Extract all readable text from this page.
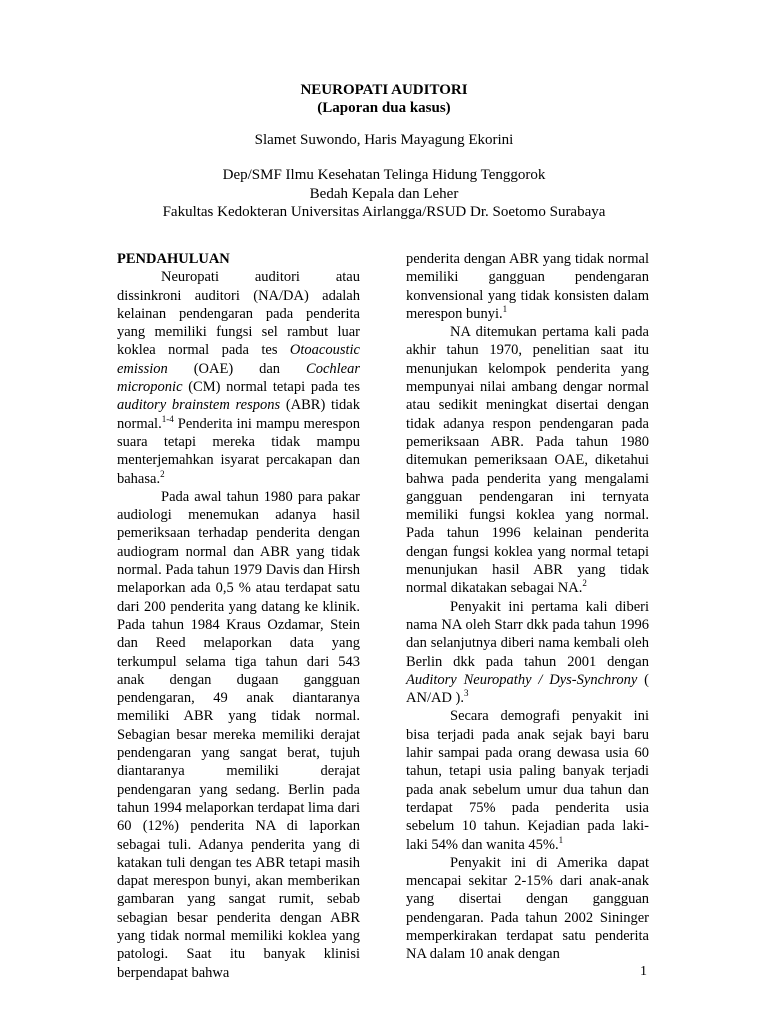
NEUROPATI AUDITORI
(Laporan dua kasus)
Slamet Suwondo, Haris Mayagung Ekorini
Dep/SMF Ilmu Kesehatan Telinga Hidung Tenggorok
Bedah Kepala dan Leher
Fakultas Kedokteran Universitas Airlangga/RSUD Dr. Soetomo Surabaya
PENDAHULUAN

Neuropati auditori atau dissinkroni auditori (NA/DA) adalah kelainan pendengaran pada penderita yang memiliki fungsi sel rambut luar koklea normal pada tes Otoacoustic emission (OAE) dan Cochlear microponic (CM) normal tetapi pada tes auditory brainstem respons (ABR) tidak normal.$^{1-4}$ Penderita ini mampu merespon suara tetapi mereka tidak mampu menterjemahkan isyarat percakapan dan bahasa.$^2$

Pada awal tahun 1980 para pakar audiologi menemukan adanya hasil pemeriksaan terhadap penderita dengan audiogram normal dan ABR yang tidak normal. Pada tahun 1979 Davis dan Hirsh melaporkan ada 0,5 % atau terdapat satu dari 200 penderita yang datang ke klinik. Pada tahun 1984 Kraus Ozdamar, Stein dan Reed melaporkan data yang terkumpul selama tiga tahun dari 543 anak dengan dugaan gangguan pendengaran, 49 anak diantaranya memiliki ABR yang tidak normal. Sebagian besar mereka memiliki derajat pendengaran yang sangat berat, tujuh diantaranya memiliki derajat pendengaran yang sedang. Berlin pada tahun 1994 melaporkan terdapat lima dari 60 (12%) penderita NA di laporkan sebagai tuli. Adanya penderita yang di katakan tuli dengan tes ABR tetapi masih dapat merespon bunyi, akan memberikan gambaran yang sangat rumit, sebab sebagian besar penderita dengan ABR yang tidak normal memiliki koklea yang patologi. Saat itu banyak klinisi berpendapat bahwa

penderita dengan ABR yang tidak normal memiliki gangguan pendengaran konvensional yang tidak konsisten dalam merespon bunyi.$^1$

NA ditemukan pertama kali pada akhir tahun 1970, penelitian saat itu menunjukan kelompok penderita yang mempunyai nilai ambang dengar normal atau sedikit meningkat disertai dengan tidak adanya respon pendengaran pada pemeriksaan ABR. Pada tahun 1980 ditemukan pemeriksaan OAE, diketahui bahwa pada penderita yang mengalami gangguan pendengaran ini ternyata memiliki fungsi koklea yang normal. Pada tahun 1996 kelainan penderita dengan fungsi koklea yang normal tetapi menunjukan hasil ABR yang tidak normal dikatakan sebagai NA.$^2$

Penyakit ini pertama kali diberi nama NA oleh Starr dkk pada tahun 1996 dan selanjutnya diberi nama kembali oleh Berlin dkk pada tahun 2001 dengan Auditory Neuropathy / Dys-Synchrony ( AN/AD ).$^3$

Secara demografi penyakit ini bisa terjadi pada anak sejak bayi baru lahir sampai pada orang dewasa usia 60 tahun, tetapi usia paling banyak terjadi pada anak sebelum umur dua tahun dan terdapat 75% pada penderita usia sebelum 10 tahun. Kejadian pada laki-laki 54% dan wanita 45%.$^1$

Penyakit ini di Amerika dapat mencapai sekitar 2-15% dari anak-anak yang disertai dengan gangguan pendengaran. Pada tahun 2002 Sininger memperkirakan terdapat satu penderita NA dalam 10 anak dengan

1
